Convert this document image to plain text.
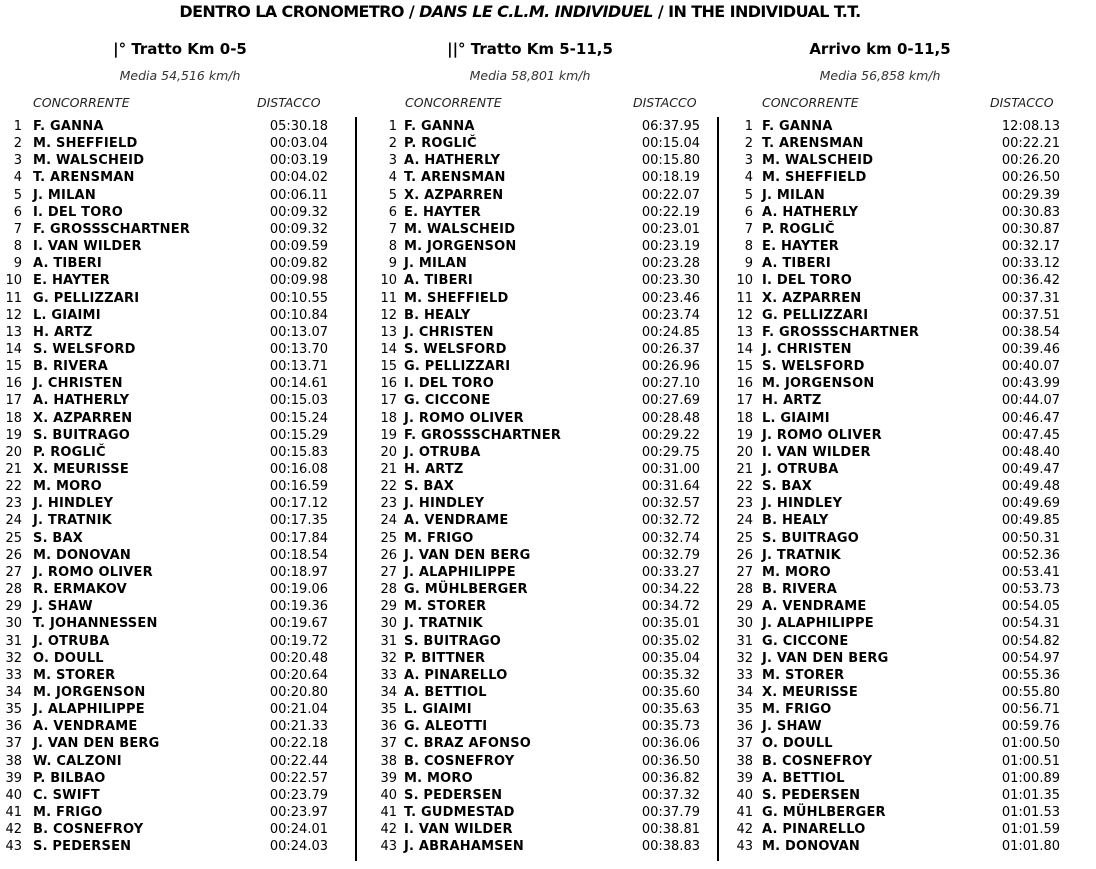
DENTRO LA CRONOMETRO / DANS LE C.L.M. INDIVIDUEL / IN THE INDIVIDUAL T.T.
|° Tratto Km 0-5
Media 54,516 km/h
CONCORRENTE	DISTACCO
1 F. GANNA	05:30.18
2 M. SHEFFIELD	00:03.04
3 M. WALSCHEID	00:03.19
4 T. ARENSMAN	00:04.02
5 J. MILAN	00:06.11
6 I. DEL TORO	00:09.32
7 F. GROSSSCHARTNER	00:09.32
8 I. VAN WILDER	00:09.59
9 A. TIBERI	00:09.82
10 E. HAYTER	00:09.98
11 G. PELLIZZARI	00:10.55
12 L. GIAIMI	00:10.84
13 H. ARTZ	00:13.07
14 S. WELSFORD	00:13.70
15 B. RIVERA	00:13.71
16 J. CHRISTEN	00:14.61
17 A. HATHERLY	00:15.03
18 X. AZPARREN	00:15.24
19 S. BUITRAGO	00:15.29
20 P. ROGLIČ	00:15.83
21 X. MEURISSE	00:16.08
22 M. MORO	00:16.59
23 J. HINDLEY	00:17.12
24 J. TRATNIK	00:17.35
25 S. BAX	00:17.84
26 M. DONOVAN	00:18.54
27 J. ROMO OLIVER	00:18.97
28 R. ERMAKOV	00:19.06
29 J. SHAW	00:19.36
30 T. JOHANNESSEN	00:19.67
31 J. OTRUBA	00:19.72
32 O. DOULL	00:20.48
33 M. STORER	00:20.64
34 M. JORGENSON	00:20.80
35 J. ALAPHILIPPE	00:21.04
36 A. VENDRAME	00:21.33
37 J. VAN DEN BERG	00:22.18
38 W. CALZONI	00:22.44
39 P. BILBAO	00:22.57
40 C. SWIFT	00:23.79
41 M. FRIGO	00:23.97
42 B. COSNEFROY	00:24.01
43 S. PEDERSEN	00:24.03
||° Tratto Km 5-11,5
Media 58,801 km/h
CONCORRENTE	DISTACCO
1 F. GANNA	06:37.95
2 P. ROGLIČ	00:15.04
3 A. HATHERLY	00:15.80
4 T. ARENSMAN	00:18.19
5 X. AZPARREN	00:22.07
6 E. HAYTER	00:22.19
7 M. WALSCHEID	00:23.01
8 M. JORGENSON	00:23.19
9 J. MILAN	00:23.28
10 A. TIBERI	00:23.30
11 M. SHEFFIELD	00:23.46
12 B. HEALY	00:23.74
13 J. CHRISTEN	00:24.85
14 S. WELSFORD	00:26.37
15 G. PELLIZZARI	00:26.96
16 I. DEL TORO	00:27.10
17 G. CICCONE	00:27.69
18 J. ROMO OLIVER	00:28.48
19 F. GROSSSCHARTNER	00:29.22
20 J. OTRUBA	00:29.75
21 H. ARTZ	00:31.00
22 S. BAX	00:31.64
23 J. HINDLEY	00:32.57
24 A. VENDRAME	00:32.72
25 M. FRIGO	00:32.74
26 J. VAN DEN BERG	00:32.79
27 J. ALAPHILIPPE	00:33.27
28 G. MÜHLBERGER	00:34.22
29 M. STORER	00:34.72
30 J. TRATNIK	00:35.01
31 S. BUITRAGO	00:35.02
32 P. BITTNER	00:35.04
33 A. PINARELLO	00:35.32
34 A. BETTIOL	00:35.60
35 L. GIAIMI	00:35.63
36 G. ALEOTTI	00:35.73
37 C. BRAZ AFONSO	00:36.06
38 B. COSNEFROY	00:36.50
39 M. MORO	00:36.82
40 S. PEDERSEN	00:37.32
41 T. GUDMESTAD	00:37.79
42 I. VAN WILDER	00:38.81
43 J. ABRAHAMSEN	00:38.83
Arrivo km 0-11,5
Media 56,858 km/h
CONCORRENTE	DISTACCO
1 F. GANNA	12:08.13
2 T. ARENSMAN	00:22.21
3 M. WALSCHEID	00:26.20
4 M. SHEFFIELD	00:26.50
5 J. MILAN	00:29.39
6 A. HATHERLY	00:30.83
7 P. ROGLIČ	00:30.87
8 E. HAYTER	00:32.17
9 A. TIBERI	00:33.12
10 I. DEL TORO	00:36.42
11 X. AZPARREN	00:37.31
12 G. PELLIZZARI	00:37.51
13 F. GROSSSCHARTNER	00:38.54
14 J. CHRISTEN	00:39.46
15 S. WELSFORD	00:40.07
16 M. JORGENSON	00:43.99
17 H. ARTZ	00:44.07
18 L. GIAIMI	00:46.47
19 J. ROMO OLIVER	00:47.45
20 I. VAN WILDER	00:48.40
21 J. OTRUBA	00:49.47
22 S. BAX	00:49.48
23 J. HINDLEY	00:49.69
24 B. HEALY	00:49.85
25 S. BUITRAGO	00:50.31
26 J. TRATNIK	00:52.36
27 M. MORO	00:53.41
28 B. RIVERA	00:53.73
29 A. VENDRAME	00:54.05
30 J. ALAPHILIPPE	00:54.31
31 G. CICCONE	00:54.82
32 J. VAN DEN BERG	00:54.97
33 M. STORER	00:55.36
34 X. MEURISSE	00:55.80
35 M. FRIGO	00:56.71
36 J. SHAW	00:59.76
37 O. DOULL	01:00.50
38 B. COSNEFROY	01:00.51
39 A. BETTIOL	01:00.89
40 S. PEDERSEN	01:01.35
41 G. MÜHLBERGER	01:01.53
42 A. PINARELLO	01:01.59
43 M. DONOVAN	01:01.80
